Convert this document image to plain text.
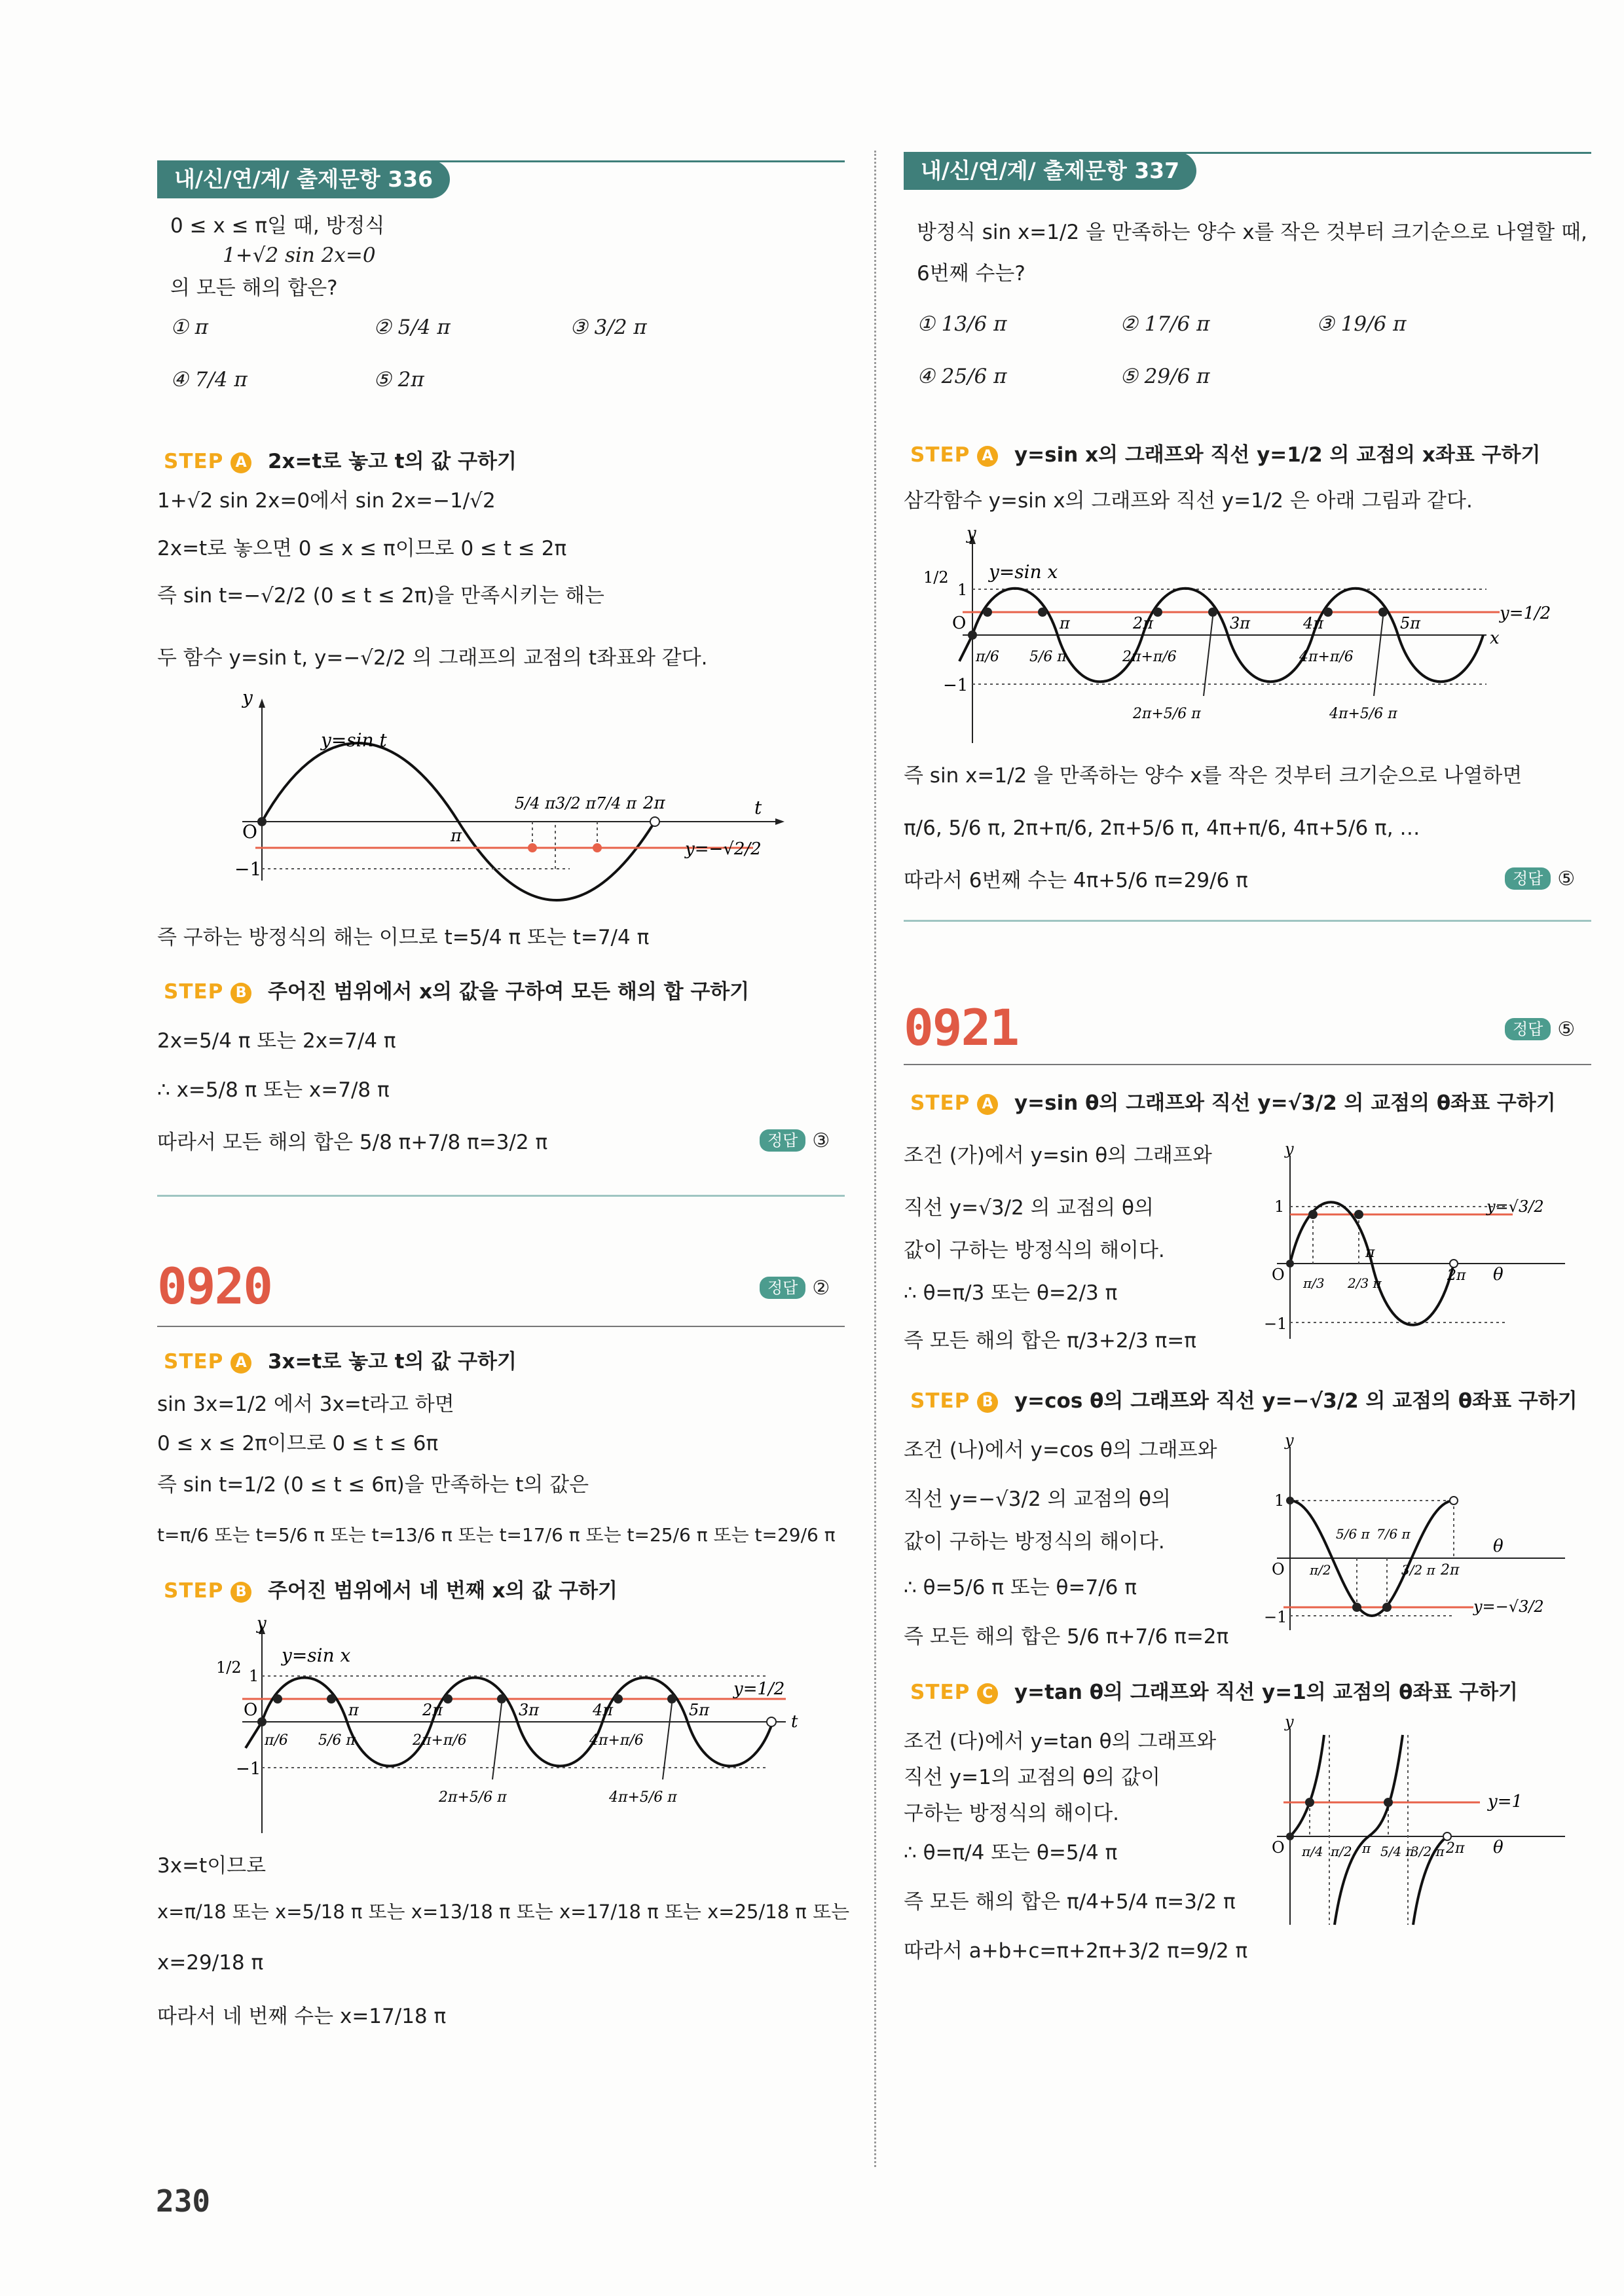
내/신/연/계/ 출제문항 336
0 ≤ x ≤ π일 때, 방정식
1+√2 sin 2x=0
의 모든 해의 합은?
① π	② 5/4 π	③ 3/2 π
④ 7/4 π	⑤ 2π
STEP A 2x=t로 놓고 t의 값 구하기
1+√2 sin 2x=0에서 sin 2x=−1/√2
2x=t로 놓으면 0 ≤ x ≤ π이므로 0 ≤ t ≤ 2π
즉 sin t=−√2/2 (0 ≤ t ≤ 2π)을 만족시키는 해는
두 함수 y=sin t, y=−√2/2 의 그래프의 교점의 t좌표와 같다.
y
y=sin t
O
−1
π
5/4 π 3/2 π 7/4 π 2π	t
y=−√2/2
즉 구하는 방정식의 해는 이므로 t=5/4 π 또는 t=7/4 π
STEP B 주어진 범위에서 x의 값을 구하여 모든 해의 합 구하기
2x=5/4 π 또는 2x=7/4 π
∴ x=5/8 π 또는 x=7/8 π
따라서 모든 해의 합은 5/8 π+7/8 π=3/2 π	정답 ③
0920	정답 ②
STEP A 3x=t로 놓고 t의 값 구하기
sin 3x=1/2 에서 3x=t라고 하면
0 ≤ x ≤ 2π이므로 0 ≤ t ≤ 6π
즉 sin t=1/2 (0 ≤ t ≤ 6π)을 만족하는 t의 값은
t=π/6 또는 t=5/6 π 또는 t=13/6 π 또는 t=17/6 π 또는 t=25/6 π 또는 t=29/6 π
STEP B 주어진 범위에서 네 번째 x의 값 구하기
y
y=sin x
1/2 1
O
−1
π	2π	3π	4π	5π
t
y=1/2
π/6 5/6 π	2π+π/6	4π+π/6
2π+5/6 π	4π+5/6 π
3x=t이므로
x=π/18 또는 x=5/18 π 또는 x=13/18 π 또는 x=17/18 π 또는 x=25/18 π 또는
x=29/18 π
따라서 네 번째 수는 x=17/18 π
내/신/연/계/ 출제문항 337
방정식 sin x=1/2 을 만족하는 양수 x를 작은 것부터 크기순으로 나열할 때,
6번째 수는?
① 13/6 π	② 17/6 π	③ 19/6 π
④ 25/6 π	⑤ 29/6 π
STEP A y=sin x의 그래프와 직선 y=1/2 의 교점의 x좌표 구하기
삼각함수 y=sin x의 그래프와 직선 y=1/2 은 아래 그림과 같다.
y
y=sin x
1/2
1
O
−1
π	2π	3π	4π	5π
x
y=1/2
π/6 5/6 π	2π+π/6	4π+π/6
2π+5/6 π	4π+5/6 π
즉 sin x=1/2 을 만족하는 양수 x를 작은 것부터 크기순으로 나열하면
π/6, 5/6 π, 2π+π/6, 2π+5/6 π, 4π+π/6, 4π+5/6 π, …
따라서 6번째 수는 4π+5/6 π=29/6 π	정답 ⑤
0921	정답 ⑤
STEP A y=sin θ의 그래프와 직선 y=√3/2 의 교점의 θ좌표 구하기
조건 (가)에서 y=sin θ의 그래프와
직선 y=√3/2 의 교점의 θ의
값이 구하는 방정식의 해이다.
∴ θ=π/3 또는 θ=2/3 π
즉 모든 해의 합은 π/3+2/3 π=π
y
1
O
−1
π
π/3 2/3 π	2π θ
y=√3/2
STEP B y=cos θ의 그래프와 직선 y=−√3/2 의 교점의 θ좌표 구하기
조건 (나)에서 y=cos θ의 그래프와
직선 y=−√3/2 의 교점의 θ의
값이 구하는 방정식의 해이다.
∴ θ=5/6 π 또는 θ=7/6 π
즉 모든 해의 합은 5/6 π+7/6 π=2π
y
1
O
−1
5/6 π 7/6 π
π/2	3/2 π 2π
θ
y=−√3/2
STEP C y=tan θ의 그래프와 직선 y=1의 교점의 θ좌표 구하기
조건 (다)에서 y=tan θ의 그래프와
직선 y=1의 교점의 θ의 값이
구하는 방정식의 해이다.
∴ θ=π/4 또는 θ=5/4 π
즉 모든 해의 합은 π/4+5/4 π=3/2 π
따라서 a+b+c=π+2π+3/2 π=9/2 π
y
O π/4 π/2 π 5/4 π
3/2 π 2π θ
y=1
230
